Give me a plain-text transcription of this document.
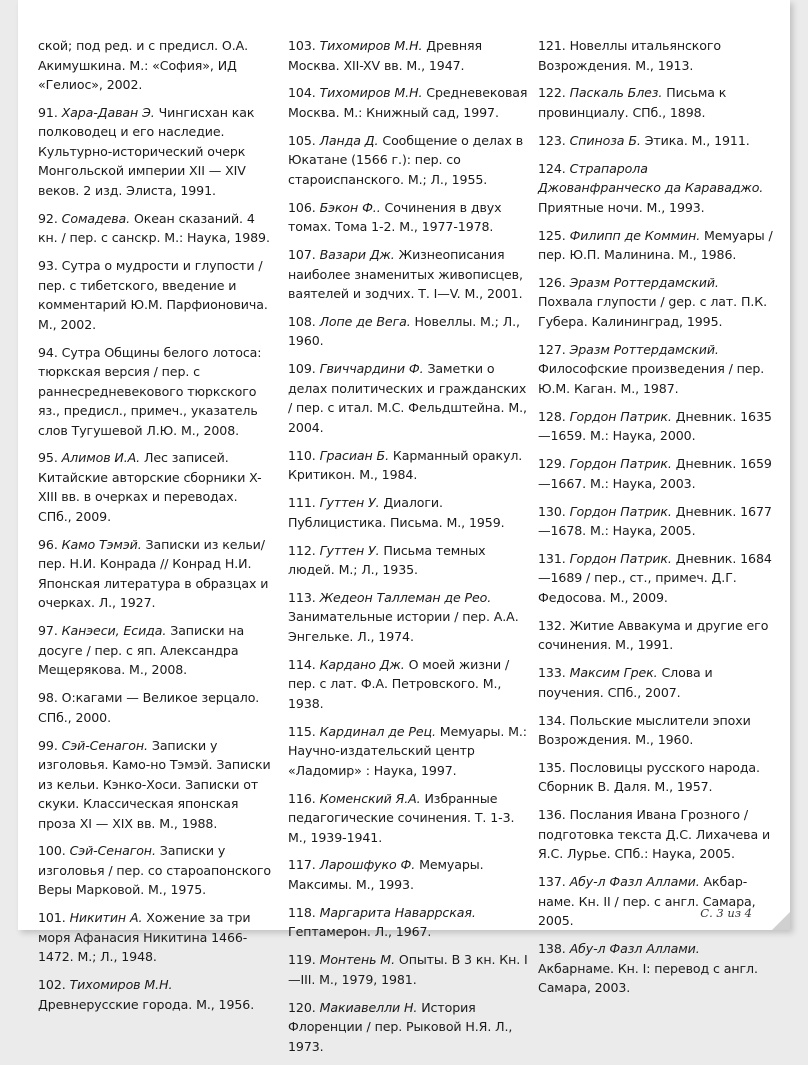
ской; под ред. и с предисл. О.А. Акимушкина. М.: «София», ИД «Гелиос», 2002.

91. Хара-Даван Э. Чингисхан как полководец и его наследие. Культурно-исторический очерк Монгольской империи XII — XIV веков. 2 изд. Элиста, 1991.

92. Сомадева. Океан сказаний. 4 кн. / пер. с санскр. М.: Наука, 1989.

93. Сутра о мудрости и глупости / пер. с тибетского, введение и комментарий Ю.М. Парфионовича. М., 2002.

94. Сутра Общины белого лотоса: тюркская версия / пер. с раннесредневекового тюркского яз., предисл., примеч., указатель слов Тугушевой Л.Ю. М., 2008.

95. Алимов И.А. Лес записей. Китайские авторские сборники X-XIII вв. в очерках и переводах. СПб., 2009.

96. Камо Тэмэй. Записки из кельи/ пер. Н.И. Конрада // Конрад Н.И. Японская литература в образцах и очерках. Л., 1927.

97. Канэеси, Есида. Записки на досуге / пер. с яп. Александра Мещерякова. М., 2008.

98. О:кагами — Великое зерцало. СПб., 2000.

99. Сэй-Сенагон. Записки у изголовья. Камо-но Тэмэй. Записки из кельи. Кэнко-Хоси. Записки от скуки. Классическая японская проза XI — XIX вв. М., 1988.

100. Сэй-Сенагон. Записки у изголовья / пер. со староапонского Веры Марковой. М., 1975.

101. Никитин А. Хожение за три моря Афанасия Никитина 1466-1472. М.; Л., 1948.

102. Тихомиров М.Н. Древнерусские города. М., 1956.

103. Тихомиров М.Н. Древняя Москва. XII-XV вв. М., 1947.

104. Тихомиров М.Н. Средневековая Москва. М.: Книжный сад, 1997.

105. Ланда Д. Сообщение о делах в Юкатане (1566 г.): пер. со староиспанского. М.; Л., 1955.

106. Бэкон Ф.. Сочинения в двух томах. Тома 1-2. М., 1977-1978.

107. Вазари Дж. Жизнеописания наиболее знаменитых живописцев, ваятелей и зодчих. Т. I—V. М., 2001.

108. Лопе де Вега. Новеллы. М.; Л., 1960.

109. Гвиччардини Ф. Заметки о делах политических и гражданских / пер. с итал. М.С. Фельдштейна. М., 2004.

110. Грасиан Б. Карманный оракул. Критикон. М., 1984.

111. Гуттен У. Диалоги. Публицистика. Письма. М., 1959.

112. Гуттен У. Письма темных людей. М.; Л., 1935.

113. Жедеон Таллеман де Рео. Занимательные истории / пер. А.А. Энгельке. Л., 1974.

114. Кардано Дж. О моей жизни / пер. с лат. Ф.А. Петровского. М., 1938.

115. Кардинал де Рец. Мемуары. М.: Научно-издательский центр «Ладомир» : Наука, 1997.

116. Коменский Я.А. Избранные педагогические сочинения. Т. 1-3. М., 1939-1941.

117. Ларошфуко Ф. Мемуары. Максимы. М., 1993.

118. Маргарита Наваррская. Гептамерон. Л., 1967.

119. Монтень М. Опыты. В 3 кн. Кн. I—III. М., 1979, 1981.

120. Макиавелли Н. История Флоренции / пер. Рыковой Н.Я. Л., 1973.

121. Новеллы итальянского Возрождения. М., 1913.

122. Паскаль Блез. Письма к провинциалу. СПб., 1898.

123. Спиноза Б. Этика. М., 1911.

124. Страпарола Джованфранческо да Караваджо. Приятные ночи. М., 1993.

125. Филипп де Коммин. Мемуары / пер. Ю.П. Малинина. М., 1986.

126. Эразм Роттердамский. Похвала глупости / gep. с лат. П.К. Губера. Калининград, 1995.

127. Эразм Роттердамский. Философские произведения / пер. Ю.М. Каган. М., 1987.

128. Гордон Патрик. Дневник. 1635—1659. М.: Наука, 2000.

129. Гордон Патрик. Дневник. 1659—1667. М.: Наука, 2003.

130. Гордон Патрик. Дневник. 1677—1678. М.: Наука, 2005.

131. Гордон Патрик. Дневник. 1684—1689 / пер., ст., примеч. Д.Г. Федосова. М., 2009.

132. Житие Аввакума и другие его сочинения. М., 1991.

133. Максим Грек. Слова и поучения. СПб., 2007.

134. Польские мыслители эпохи Возрождения. М., 1960.

135. Пословицы русского народа. Сборник В. Даля. М., 1957.

136. Послания Ивана Грозного / подготовка текста Д.С. Лихачева и Я.С. Лурье. СПб.: Наука, 2005.

137. Абу-л Фазл Аллами. Акбар-наме. Кн. II / пер. с англ. Самара, 2005.

138. Абу-л Фазл Аллами. Акбарнаме. Кн. I: перевод с англ. Самара, 2003.

С. 3 из 4
